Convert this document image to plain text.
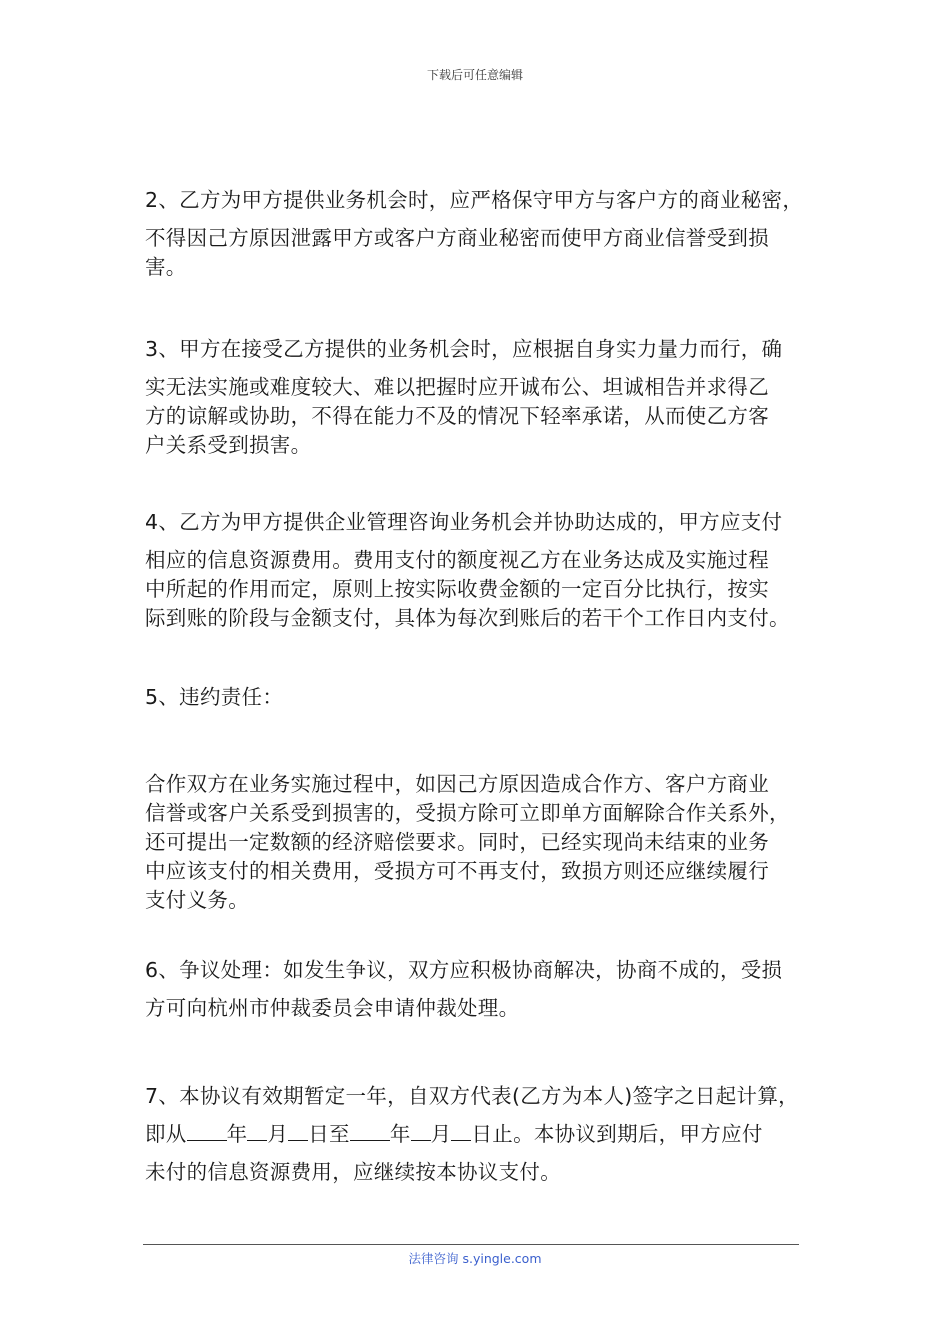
下载后可任意编辑
2、乙方为甲方提供业务机会时，应严格保守甲方与客户方的商业秘密，
不得因己方原因泄露甲方或客户方商业秘密而使甲方商业信誉受到损
害。
3、甲方在接受乙方提供的业务机会时，应根据自身实力量力而行，确
实无法实施或难度较大、难以把握时应开诚布公、坦诚相告并求得乙
方的谅解或协助，不得在能力不及的情况下轻率承诺，从而使乙方客
户关系受到损害。
4、乙方为甲方提供企业管理咨询业务机会并协助达成的，甲方应支付
相应的信息资源费用。费用支付的额度视乙方在业务达成及实施过程
中所起的作用而定，原则上按实际收费金额的一定百分比执行，按实
际到账的阶段与金额支付，具体为每次到账后的若干个工作日内支付。
5、违约责任：
合作双方在业务实施过程中，如因己方原因造成合作方、客户方商业
信誉或客户关系受到损害的，受损方除可立即单方面解除合作关系外，
还可提出一定数额的经济赔偿要求。同时，已经实现尚未结束的业务
中应该支付的相关费用，受损方可不再支付，致损方则还应继续履行
支付义务。
6、争议处理：如发生争议，双方应积极协商解决，协商不成的，受损
方可向杭州市仲裁委员会申请仲裁处理。
7、本协议有效期暂定一年，自双方代表(乙方为本人)签字之日起计算，
即从 年 月 日至 年 月 日止。本协议到期后，甲方应付
未付的信息资源费用，应继续按本协议支付。
法律咨询 s.yingle.com
